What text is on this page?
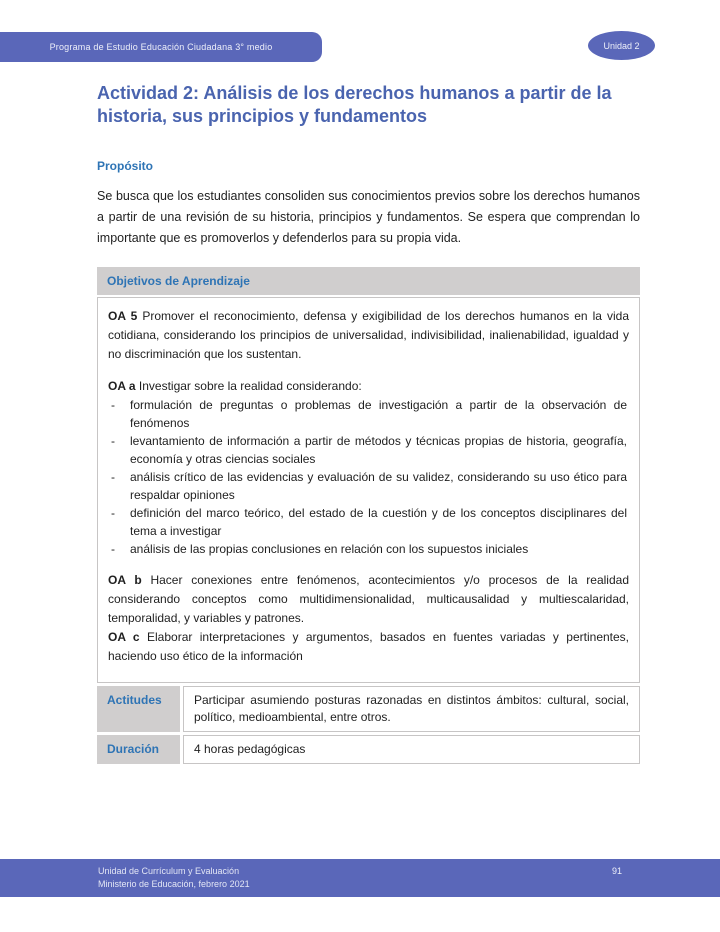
Programa de Estudio Educación Ciudadana 3° medio	Unidad 2
Actividad 2: Análisis de los derechos humanos a partir de la historia, sus principios y fundamentos
Propósito

Se busca que los estudiantes consoliden sus conocimientos previos sobre los derechos humanos a partir de una revisión de su historia, principios y fundamentos. Se espera que comprendan lo importante que es promoverlos y defenderlos para su propia vida.

Objetivos de Aprendizaje

OA 5 Promover el reconocimiento, defensa y exigibilidad de los derechos humanos en la vida cotidiana, considerando los principios de universalidad, indivisibilidad, inalienabilidad, igualdad y no discriminación que los sustentan.

OA a Investigar sobre la realidad considerando:

-	formulación de preguntas o problemas de investigación a partir de la observación de fenómenos
-	levantamiento de información a partir de métodos y técnicas propias de historia, geografía, economía y otras ciencias sociales
-	análisis crítico de las evidencias y evaluación de su validez, considerando su uso ético para respaldar opiniones
-	definición del marco teórico, del estado de la cuestión y de los conceptos disciplinares del tema a investigar
-	análisis de las propias conclusiones en relación con los supuestos iniciales

OA b Hacer conexiones entre fenómenos, acontecimientos y/o procesos de la realidad considerando conceptos como multidimensionalidad, multicausalidad y multiescalaridad, temporalidad, y variables y patrones.

OA c Elaborar interpretaciones y argumentos, basados en fuentes variadas y pertinentes, haciendo uso ético de la información

Actitudes	Participar asumiendo posturas razonadas en distintos ámbitos: cultural, social, político, medioambiental, entre otros.
Duración	4 horas pedagógicas
Unidad de Currículum y Evaluación
Ministerio de Educación, febrero 2021
91
